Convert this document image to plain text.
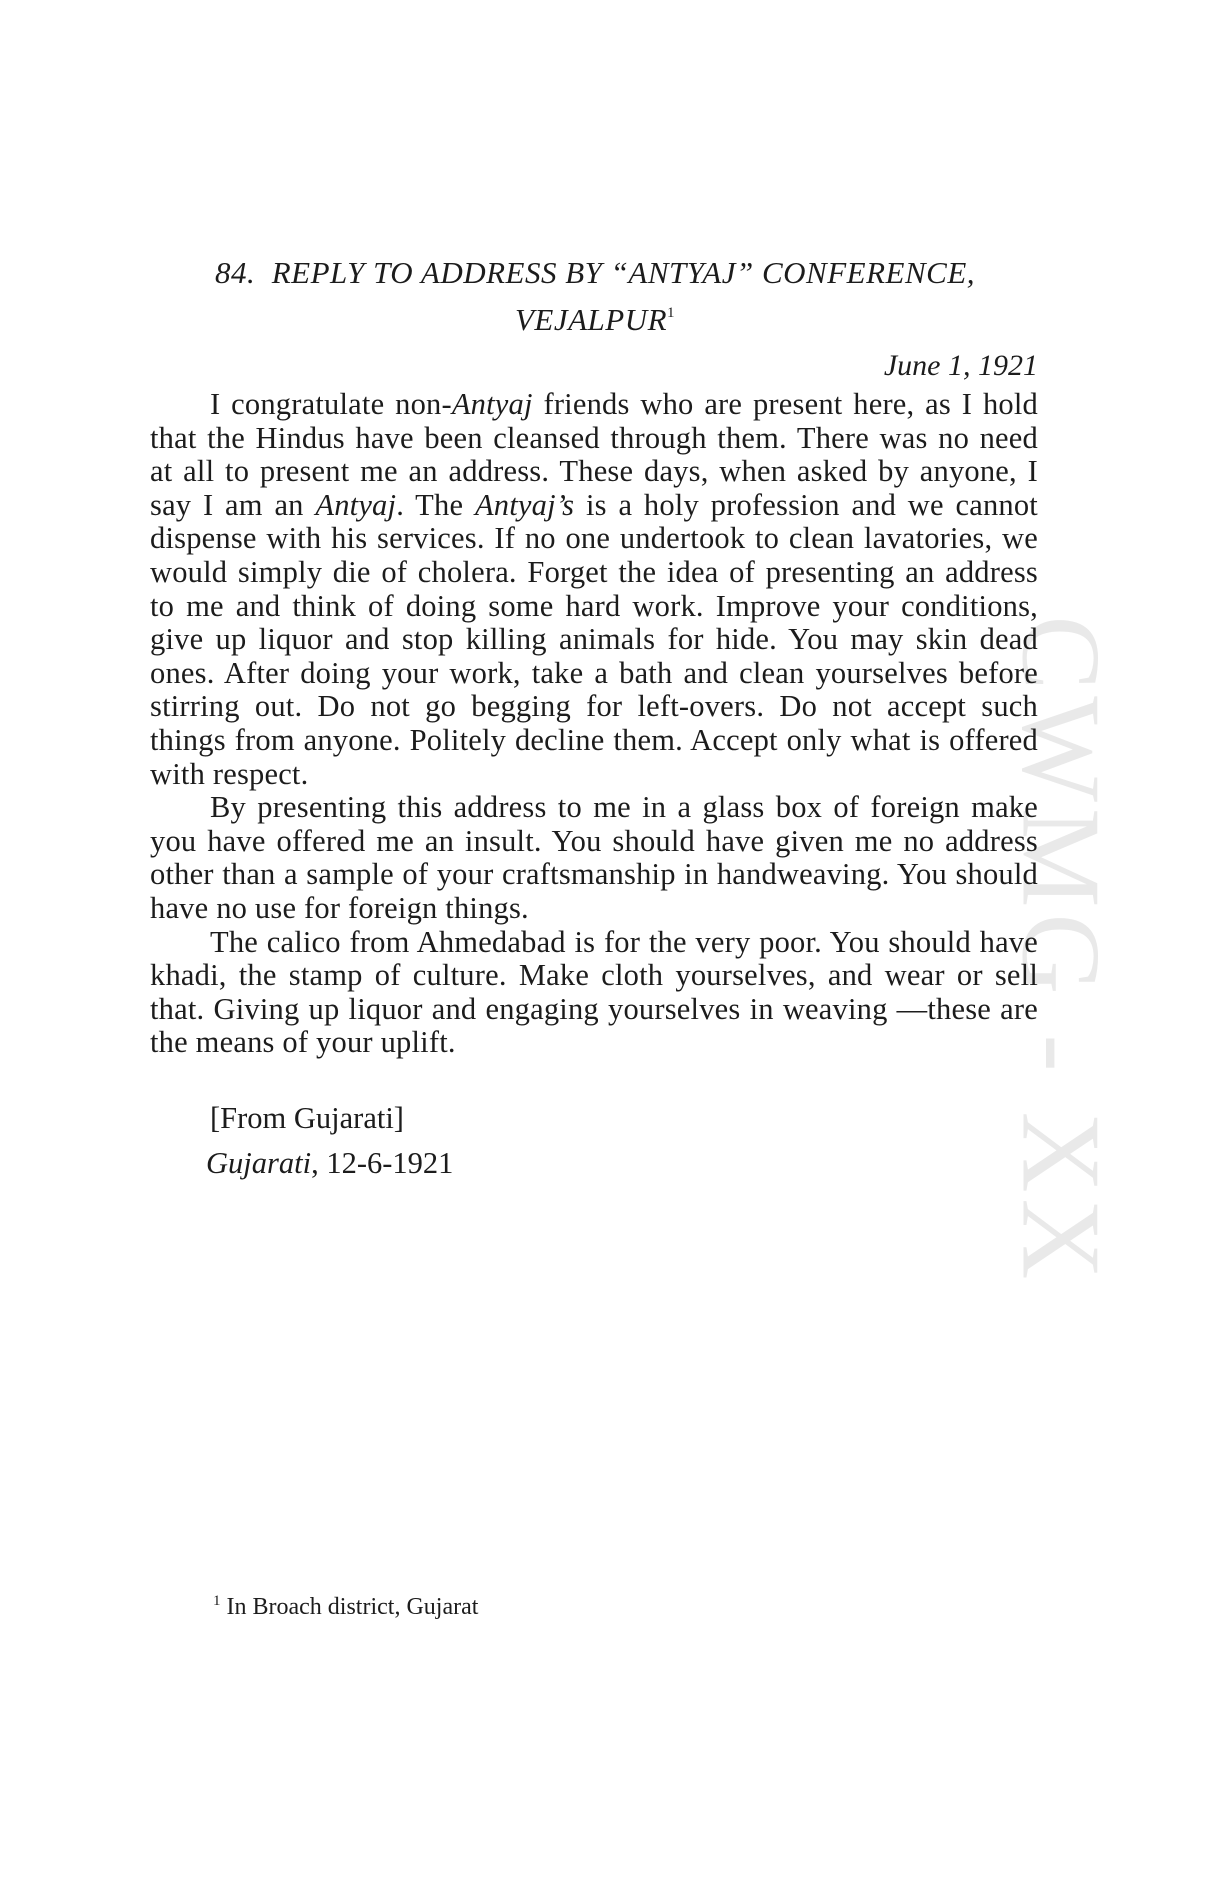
CWMG - XX
84. REPLY TO ADDRESS BY “ANTYAJ” CONFERENCE,
VEJALPUR$^1$
June 1, 1921

I congratulate non-Antyaj friends who are present here, as I hold that the Hindus have been cleansed through them. There was no need at all to present me an address. These days, when asked by anyone, I say I am an Antyaj. The Antyaj’s is a holy profession and we cannot dispense with his services. If no one undertook to clean lavatories, we would simply die of cholera. Forget the idea of presenting an address to me and think of doing some hard work. Improve your conditions, give up liquor and stop killing animals for hide. You may skin dead ones. After doing your work, take a bath and clean yourselves before stirring out. Do not go begging for left-overs. Do not accept such things from anyone. Politely decline them. Accept only what is offered with respect.

By presenting this address to me in a glass box of foreign make you have offered me an insult. You should have given me no address other than a sample of your craftsmanship in handweaving. You should have no use for foreign things.

The calico from Ahmedabad is for the very poor. You should have khadi, the stamp of culture. Make cloth yourselves, and wear or sell that. Giving up liquor and engaging yourselves in weaving —these are the means of your uplift.

[From Gujarati]
Gujarati, 12-6-1921
$^1$ In Broach district, Gujarat
